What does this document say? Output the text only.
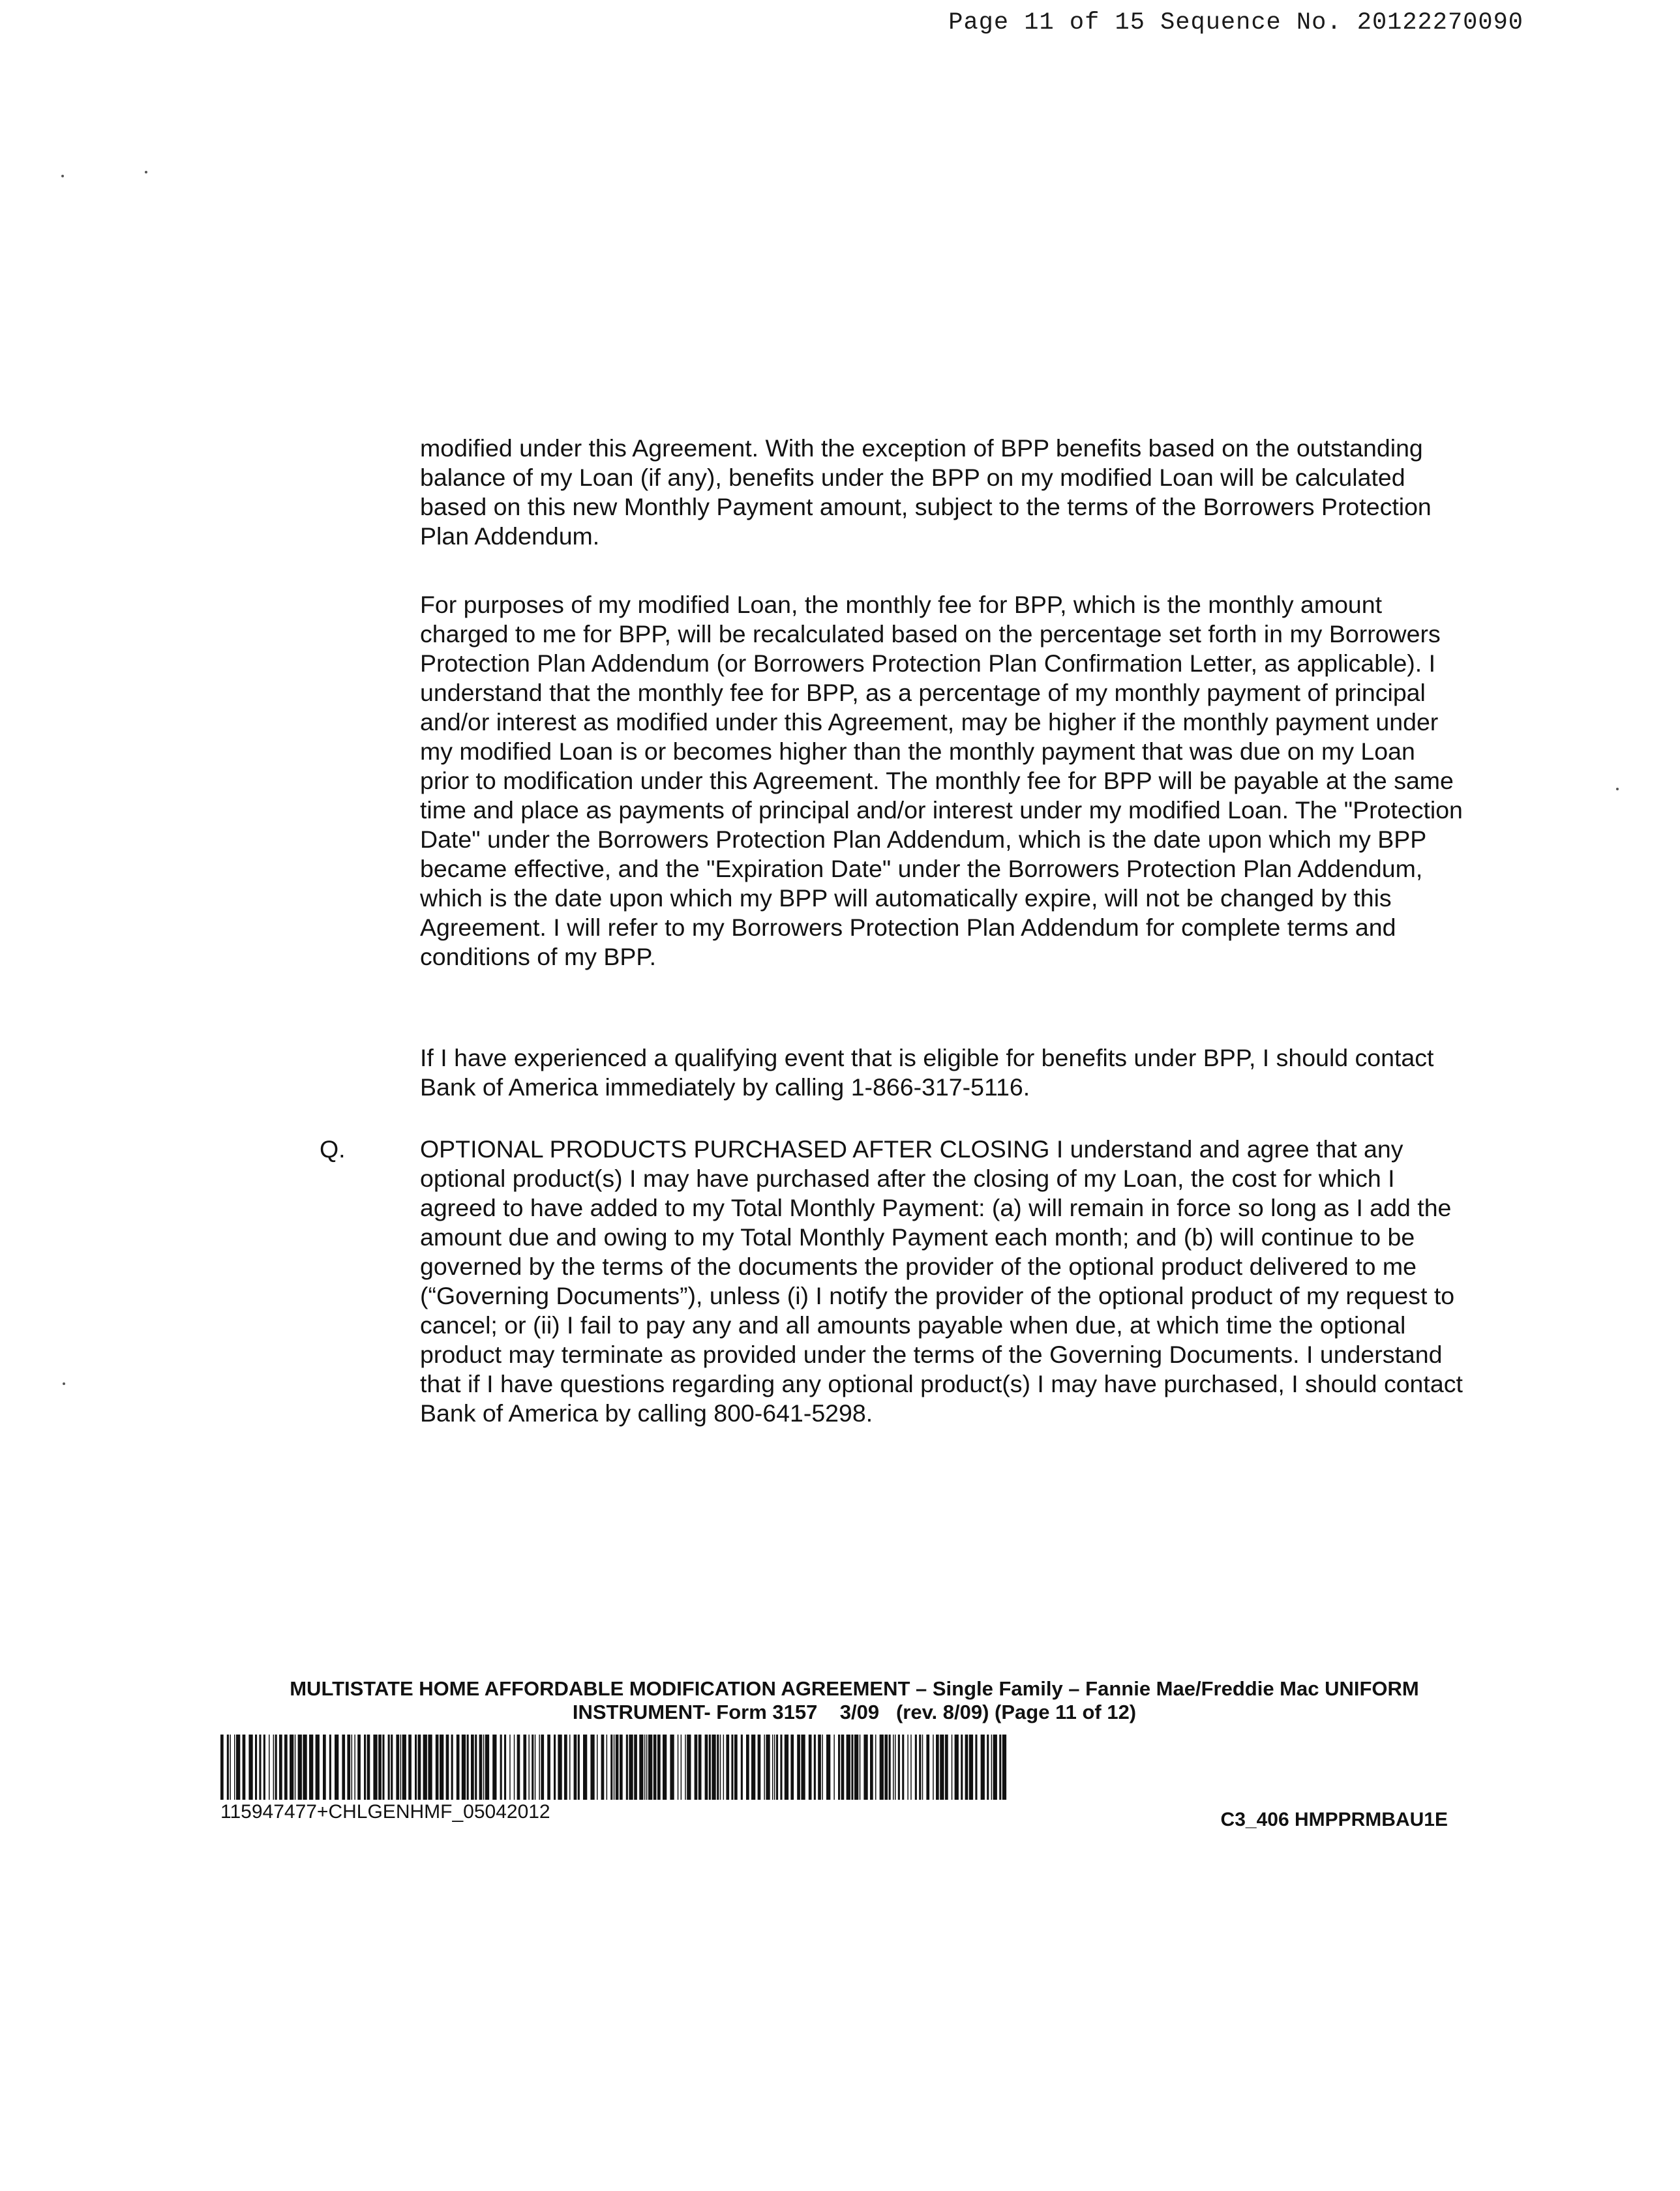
Page 11 of 15 Sequence No. 20122270090
modified under this Agreement. With the exception of BPP benefits based on the outstanding balance of my Loan (if any), benefits under the BPP on my modified Loan will be calculated based on this new Monthly Payment amount, subject to the terms of the Borrowers Protection Plan Addendum.
For purposes of my modified Loan, the monthly fee for BPP, which is the monthly amount charged to me for BPP, will be recalculated based on the percentage set forth in my Borrowers Protection Plan Addendum (or Borrowers Protection Plan Confirmation Letter, as applicable). I understand that the monthly fee for BPP, as a percentage of my monthly payment of principal and/or interest as modified under this Agreement, may be higher if the monthly payment under my modified Loan is or becomes higher than the monthly payment that was due on my Loan prior to modification under this Agreement. The monthly fee for BPP will be payable at the same time and place as payments of principal and/or interest under my modified Loan. The "Protection Date" under the Borrowers Protection Plan Addendum, which is the date upon which my BPP became effective, and the "Expiration Date" under the Borrowers Protection Plan Addendum, which is the date upon which my BPP will automatically expire, will not be changed by this Agreement. I will refer to my Borrowers Protection Plan Addendum for complete terms and conditions of my BPP.
If I have experienced a qualifying event that is eligible for benefits under BPP, I should contact Bank of America immediately by calling 1-866-317-5116.
Q.	OPTIONAL PRODUCTS PURCHASED AFTER CLOSING I understand and agree that any optional product(s) I may have purchased after the closing of my Loan, the cost for which I agreed to have added to my Total Monthly Payment: (a) will remain in force so long as I add the amount due and owing to my Total Monthly Payment each month; and (b) will continue to be governed by the terms of the documents the provider of the optional product delivered to me (“Governing Documents”), unless (i) I notify the provider of the optional product of my request to cancel; or (ii) I fail to pay any and all amounts payable when due, at which time the optional product may terminate as provided under the terms of the Governing Documents. I understand that if I have questions regarding any optional product(s) I may have purchased, I should contact Bank of America by calling 800-641-5298.
MULTISTATE HOME AFFORDABLE MODIFICATION AGREEMENT – Single Family – Fannie Mae/Freddie Mac UNIFORM
INSTRUMENT- Form 3157    3/09   (rev. 8/09) (Page 11 of 12)
115947477+CHLGENHMF_05042012	C3_406 HMPPRMBAU1E
